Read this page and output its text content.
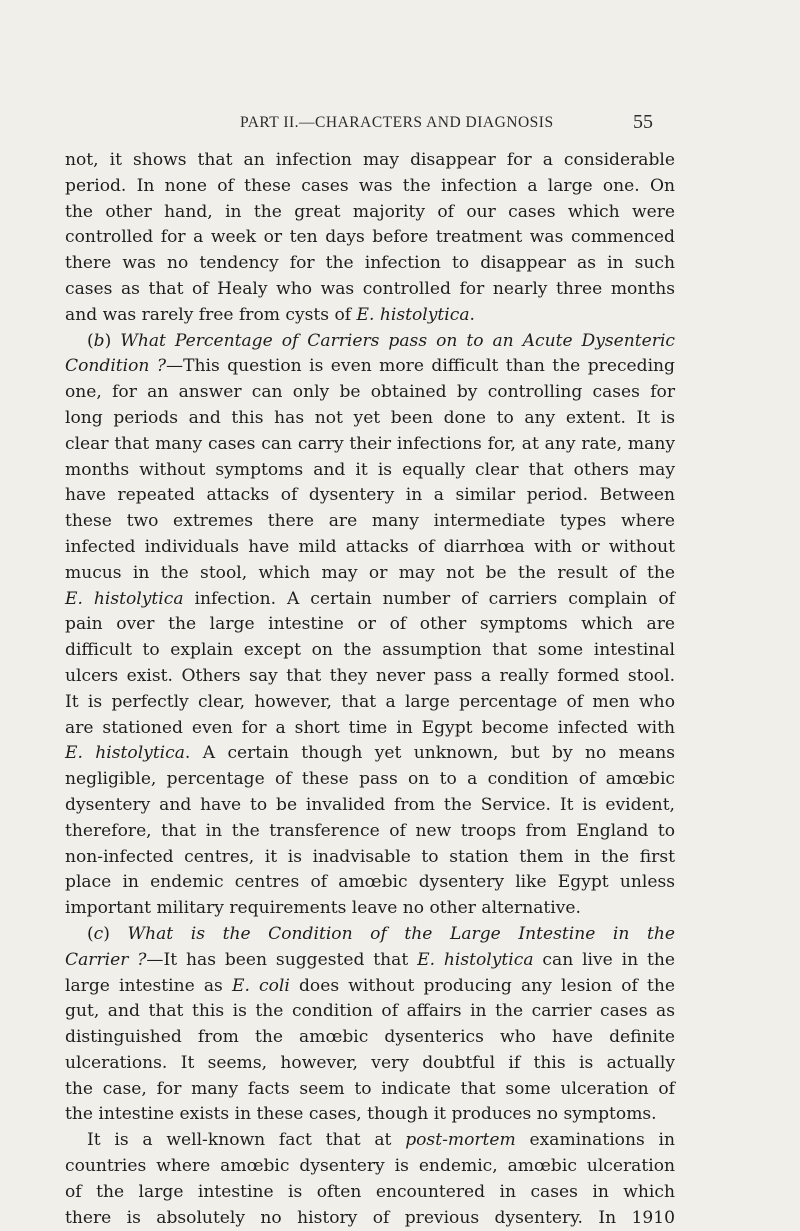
PART II.—CHARACTERS AND DIAGNOSIS	55
not, it shows that an infection may disappear for a considerable
period. In none of these cases was the infection a large one. On
the other hand, in the great majority of our cases which were
controlled for a week or ten days before treatment was commenced
there was no tendency for the infection to disappear as in such
cases as that of Healy who was controlled for nearly three months
and was rarely free from cysts of E. histolytica.
(b) What Percentage of Carriers pass on to an Acute Dysenteric
Condition ?—This question is even more difficult than the preceding
one, for an answer can only be obtained by controlling cases for
long periods and this has not yet been done to any extent. It is
clear that many cases can carry their infections for, at any rate, many
months without symptoms and it is equally clear that others may
have repeated attacks of dysentery in a similar period. Between
these two extremes there are many intermediate types where
infected individuals have mild attacks of diarrhœa with or without
mucus in the stool, which may or may not be the result of the
E. histolytica infection. A certain number of carriers complain of
pain over the large intestine or of other symptoms which are
difficult to explain except on the assumption that some intestinal
ulcers exist. Others say that they never pass a really formed stool.
It is perfectly clear, however, that a large percentage of men who
are stationed even for a short time in Egypt become infected with
E. histolytica. A certain though yet unknown, but by no means
negligible, percentage of these pass on to a condition of amœbic
dysentery and have to be invalided from the Service. It is evident,
therefore, that in the transference of new troops from England to
non-infected centres, it is inadvisable to station them in the first
place in endemic centres of amœbic dysentery like Egypt unless
important military requirements leave no other alternative.
(c) What is the Condition of the Large Intestine in the
Carrier ?—It has been suggested that E. histolytica can live in the
large intestine as E. coli does without producing any lesion of the
gut, and that this is the condition of affairs in the carrier cases as
distinguished from the amœbic dysenterics who have definite
ulcerations. It seems, however, very doubtful if this is actually
the case, for many facts seem to indicate that some ulceration of
the intestine exists in these cases, though it produces no symptoms.
It is a well-known fact that at post-mortem examinations in
countries where amœbic dysentery is endemic, amœbic ulceration
of the large intestine is often encountered in cases in which
there is absolutely no history of previous dysentery. In 1910
